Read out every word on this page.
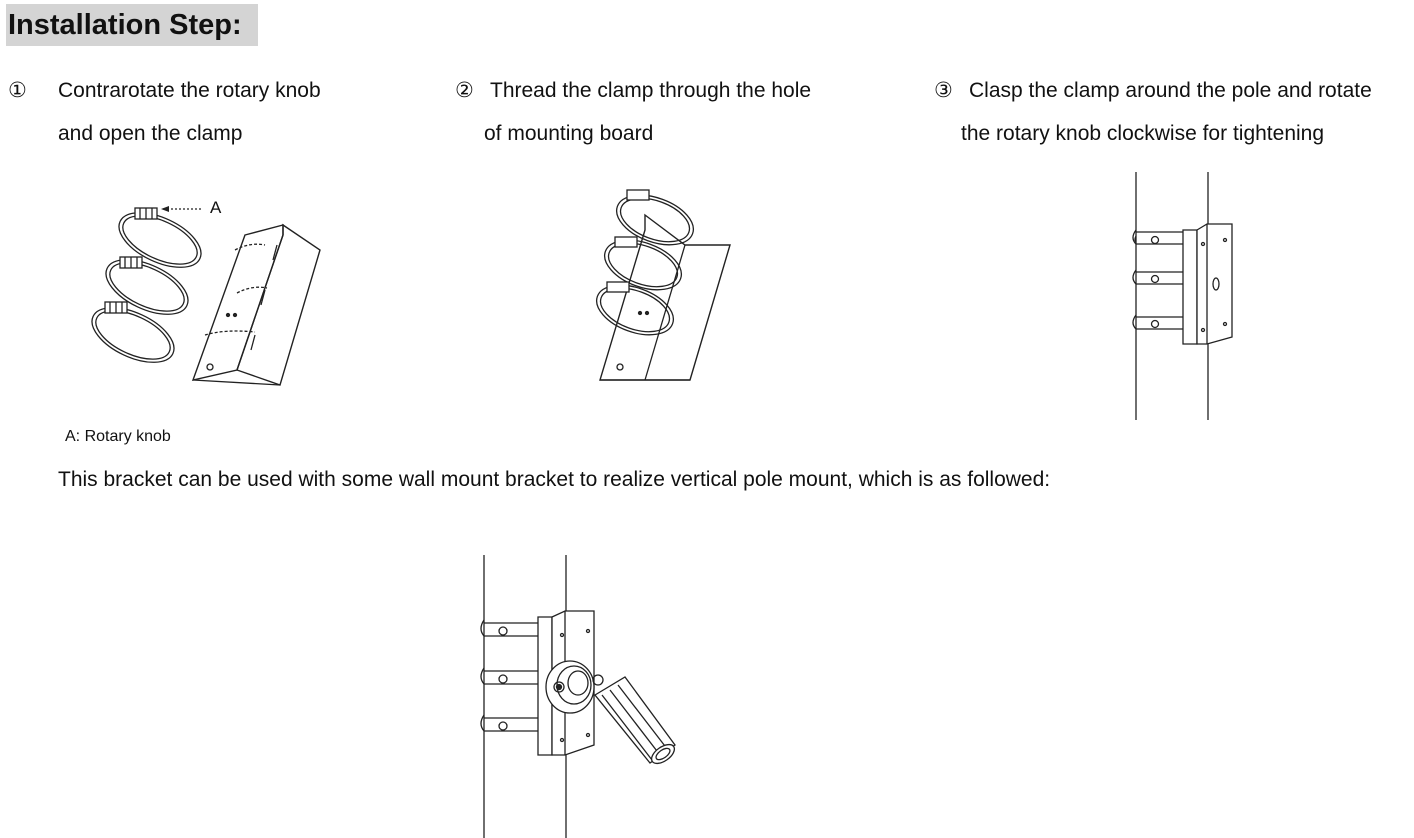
Installation Step:
① Contrarotate the rotary knob
and open the clamp
② Thread the clamp through the hole
of mounting board
③ Clasp the clamp around the pole and rotate
the rotary knob clockwise for tightening
A
A: Rotary knob
This bracket can be used with some wall mount bracket to realize vertical pole mount, which is as followed:
